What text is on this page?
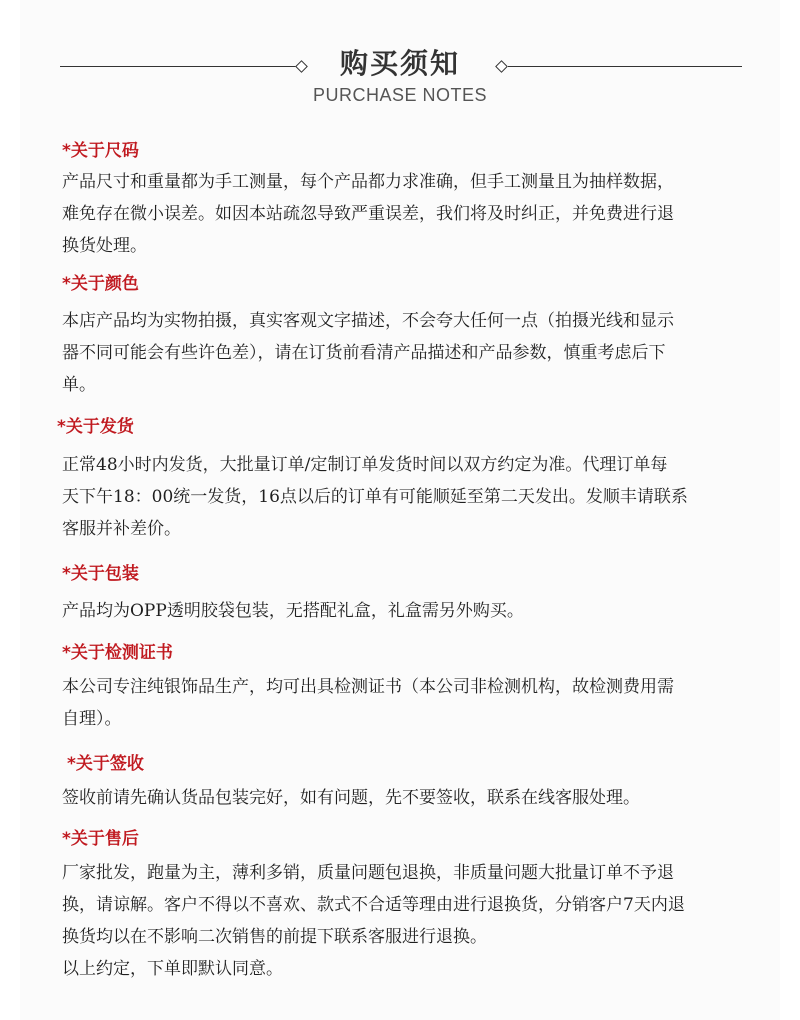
购买须知
PURCHASE NOTES
*关于尺码
产品尺寸和重量都为手工测量，每个产品都力求准确，但手工测量且为抽样数据，
难免存在微小误差。如因本站疏忽导致严重误差，我们将及时纠正，并免费进行退
换货处理。
*关于颜色
本店产品均为实物拍摄，真实客观文字描述，不会夸大任何一点（拍摄光线和显示
器不同可能会有些许色差），请在订货前看清产品描述和产品参数，慎重考虑后下
单。
*关于发货
正常48小时内发货，大批量订单/定制订单发货时间以双方约定为准。代理订单每
天下午18：00统一发货，16点以后的订单有可能顺延至第二天发出。发顺丰请联系
客服并补差价。
*关于包装
产品均为OPP透明胶袋包装，无搭配礼盒，礼盒需另外购买。
*关于检测证书
本公司专注纯银饰品生产，均可出具检测证书（本公司非检测机构，故检测费用需
自理）。
*关于签收
签收前请先确认货品包装完好，如有问题，先不要签收，联系在线客服处理。
*关于售后
厂家批发，跑量为主，薄利多销，质量问题包退换，非质量问题大批量订单不予退
换，请谅解。客户不得以不喜欢、款式不合适等理由进行退换货，分销客户7天内退
换货均以在不影响二次销售的前提下联系客服进行退换。
以上约定，下单即默认同意。
